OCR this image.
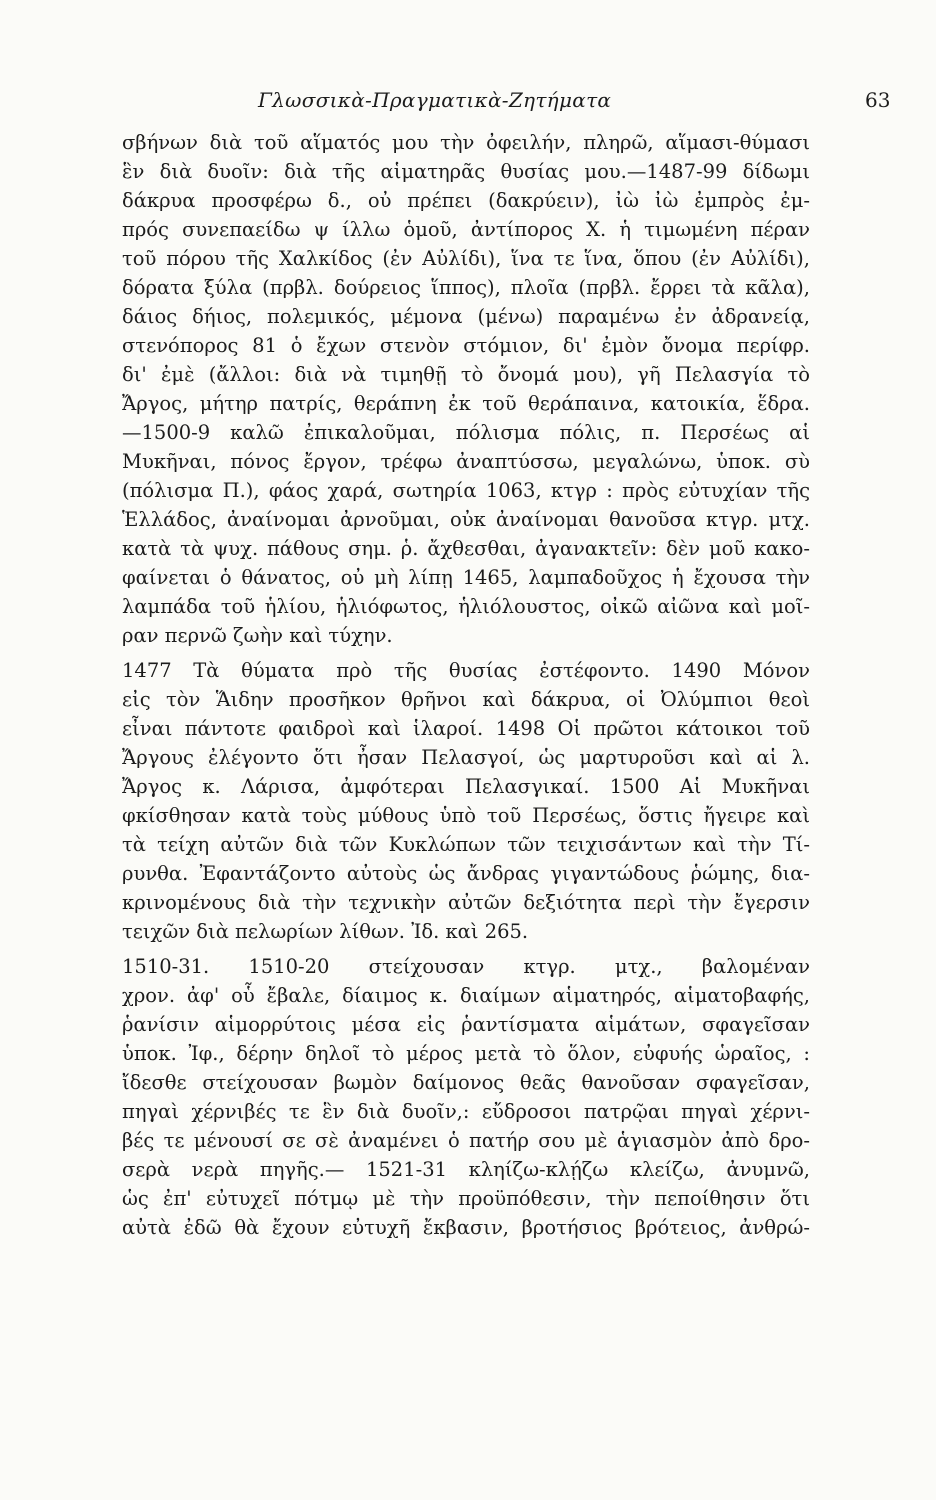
Γλωσσικὰ-Πραγματικὰ-Ζητήματα	63
σβήνων διὰ τοῦ αἵματός μου τὴν ὀφειλήν, πληρῶ, αἵμασι-θύμασι
ἓν διὰ δυοῖν: διὰ τῆς αἱματηρᾶς θυσίας μου.—1487-99 δίδωμι
δάκρυα προσφέρω δ., οὐ πρέπει (δακρύειν), ἰὼ ἰὼ ἐμπρὸς ἐμ-
πρός συνεπαείδω ψ ίλλω ὁμοῦ, ἀντίπορος Χ. ἡ τιμωμένη πέραν
τοῦ πόρου τῆς Χαλκίδος (ἐν Αὐλίδι), ἵνα τε ἵνα, ὅπου (ἐν Αὐλίδι),
δόρατα ξύλα (πρβλ. δούρειος ἵππος), πλοῖα (πρβλ. ἔρρει τὰ κᾶλα),
δάιος δήιος, πολεμικός, μέμονα (μένω) παραμένω ἐν ἀδρανείᾳ,
στενόπορος 81 ὁ ἔχων στενὸν στόμιον, δι' ἐμὸν ὄνομα περίφρ.
δι' ἐμὲ (ἄλλοι: διὰ νὰ τιμηθῇ τὸ ὄνομά μου), γῆ Πελασγία τὸ
Ἄργος, μήτηρ πατρίς, θεράπνη ἐκ τοῦ θεράπαινα, κατοικία, ἕδρα.
—1500-9 καλῶ ἐπικαλοῦμαι, πόλισμα πόλις, π. Περσέως αἱ
Μυκῆναι, πόνος ἔργον, τρέφω ἀναπτύσσω, μεγαλώνω, ὑποκ. σὺ
(πόλισμα Π.), φάος χαρά, σωτηρία 1063, κτγρ : πρὸς εὐτυχίαν τῆς
Ἑλλάδος, ἀναίνομαι ἀρνοῦμαι, οὐκ ἀναίνομαι θανοῦσα κτγρ. μτχ.
κατὰ τὰ ψυχ. πάθους σημ. ῥ. ἄχθεσθαι, ἀγανακτεῖν: δὲν μοῦ κακο-
φαίνεται ὁ θάνατος, οὐ μὴ λίπῃ 1465, λαμπαδοῦχος ἡ ἔχουσα τὴν
λαμπάδα τοῦ ἡλίου, ἡλιόφωτος, ἡλιόλουστος, οἰκῶ αἰῶνα καὶ μοῖ-
ραν περνῶ ζωὴν καὶ τύχην.
1477 Τὰ θύματα πρὸ τῆς θυσίας ἐστέφοντο. 1490 Μόνον
εἰς τὸν Ἅιδην προσῆκον θρῆνοι καὶ δάκρυα, οἱ Ὀλύμπιοι θεοὶ
εἶναι πάντοτε φαιδροὶ καὶ ἱλαροί. 1498 Οἱ πρῶτοι κάτοικοι τοῦ
Ἄργους ἐλέγοντο ὅτι ἦσαν Πελασγοί, ὡς μαρτυροῦσι καὶ αἱ λ.
Ἄργος κ. Λάρισα, ἀμφότεραι Πελασγικαί. 1500 Αἱ Μυκῆναι
φκίσθησαν κατὰ τοὺς μύθους ὑπὸ τοῦ Περσέως, ὅστις ἤγειρε καὶ
τὰ τείχη αὐτῶν διὰ τῶν Κυκλώπων τῶν τειχισάντων καὶ τὴν Τί-
ρυνθα. Ἐφαντάζοντο αὐτοὺς ὡς ἄνδρας γιγαντώδους ῥώμης, δια-
κρινομένους διὰ τὴν τεχνικὴν αὐτῶν δεξιότητα περὶ τὴν ἔγερσιν
τειχῶν διὰ πελωρίων λίθων. Ἰδ. καὶ 265.
1510-31. 1510-20 στείχουσαν κτγρ. μτχ., βαλομέναν
χρον. ἀφ' οὗ ἔβαλε, δίαιμος κ. διαίμων αἱματηρός, αἱματοβαφής,
ῥανίσιν αἱμορρύτοις μέσα εἰς ῥαντίσματα αἱμάτων, σφαγεῖσαν
ὑποκ. Ἰφ., δέρην δηλοῖ τὸ μέρος μετὰ τὸ ὅλον, εὐφυής ὡραῖος, :
ἴδεσθε στείχουσαν βωμὸν δαίμονος θεᾶς θανοῦσαν σφαγεῖσαν,
πηγαὶ χέρνιβές τε ἓν διὰ δυοῖν,: εὔδροσοι πατρῷαι πηγαὶ χέρνι-
βές τε μένουσί σε σὲ ἀναμένει ὁ πατήρ σου μὲ ἁγιασμὸν ἀπὸ δρο-
σερὰ νερὰ πηγῆς.— 1521-31 κληίζω-κλῄζω κλείζω, ἀνυμνῶ,
ὡς ἐπ' εὐτυχεῖ πότμῳ μὲ τὴν προϋπόθεσιν, τὴν πεποίθησιν ὅτι
αὐτὰ ἐδῶ θὰ ἔχουν εὐτυχῆ ἔκβασιν, βροτήσιος βρότειος, ἀνθρώ-
